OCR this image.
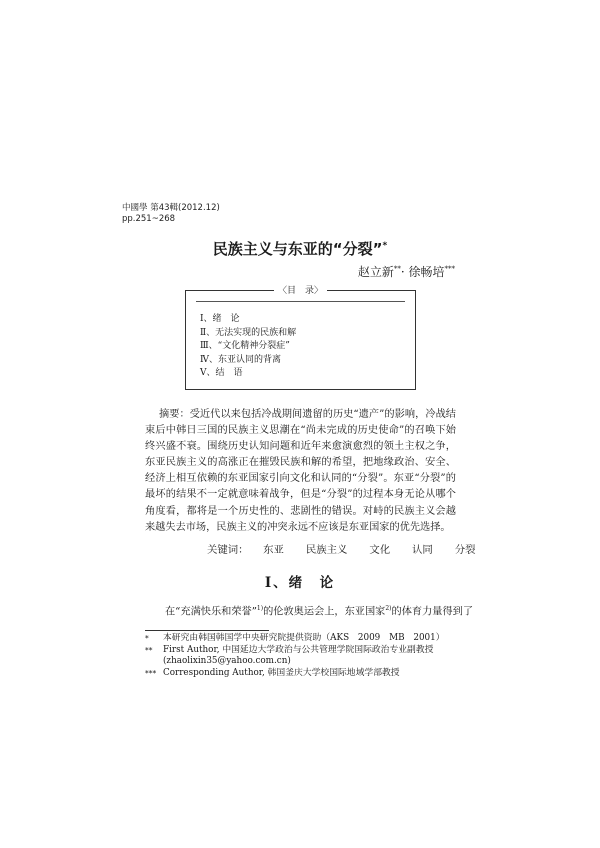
中國學 第43輯(2012.12)
pp.251~268
民族主义与东亚的“分裂”*
赵立新**· 徐畅培***
〈目　录〉
Ⅰ、绪　论
Ⅱ、无法实现的民族和解
Ⅲ、“文化精神分裂症”
Ⅳ、东亚认同的背离
Ⅴ、结　语

摘要：受近代以来包括冷战期间遗留的历史“遗产”的影响，冷战结束后中韩日三国的民族主义思潮在“尚未完成的历史使命”的召唤下始终兴盛不衰。围绕历史认知问题和近年来愈演愈烈的领土主权之争，东亚民族主义的高涨正在摧毁民族和解的希望，把地缘政治、安全、经济上相互依赖的东亚国家引向文化和认同的“分裂”。东亚“分裂”的最坏的结果不一定就意味着战争，但是“分裂”的过程本身无论从哪个角度看，都将是一个历史性的、悲剧性的错误。对峙的民族主义会越来越失去市场，民族主义的冲突永远不应该是东亚国家的优先选择。

关键词：  东亚   民族主义   文化   认同   分裂
Ⅰ、绪　论

在“充满快乐和荣誉”$^{1)}$的伦敦奥运会上，东亚国家$^{2)}$的体育力量得到了

*	本研究由韩国韩国学中央研究院提供资助（AKS　2009　MB　2001）
**	First Author, 中国延边大学政治与公共管理学院国际政治专业副教授
(zhaolixin35@yahoo.com.cn)
*** Corresponding Author, 韩国釜庆大学校国际地域学部教授
